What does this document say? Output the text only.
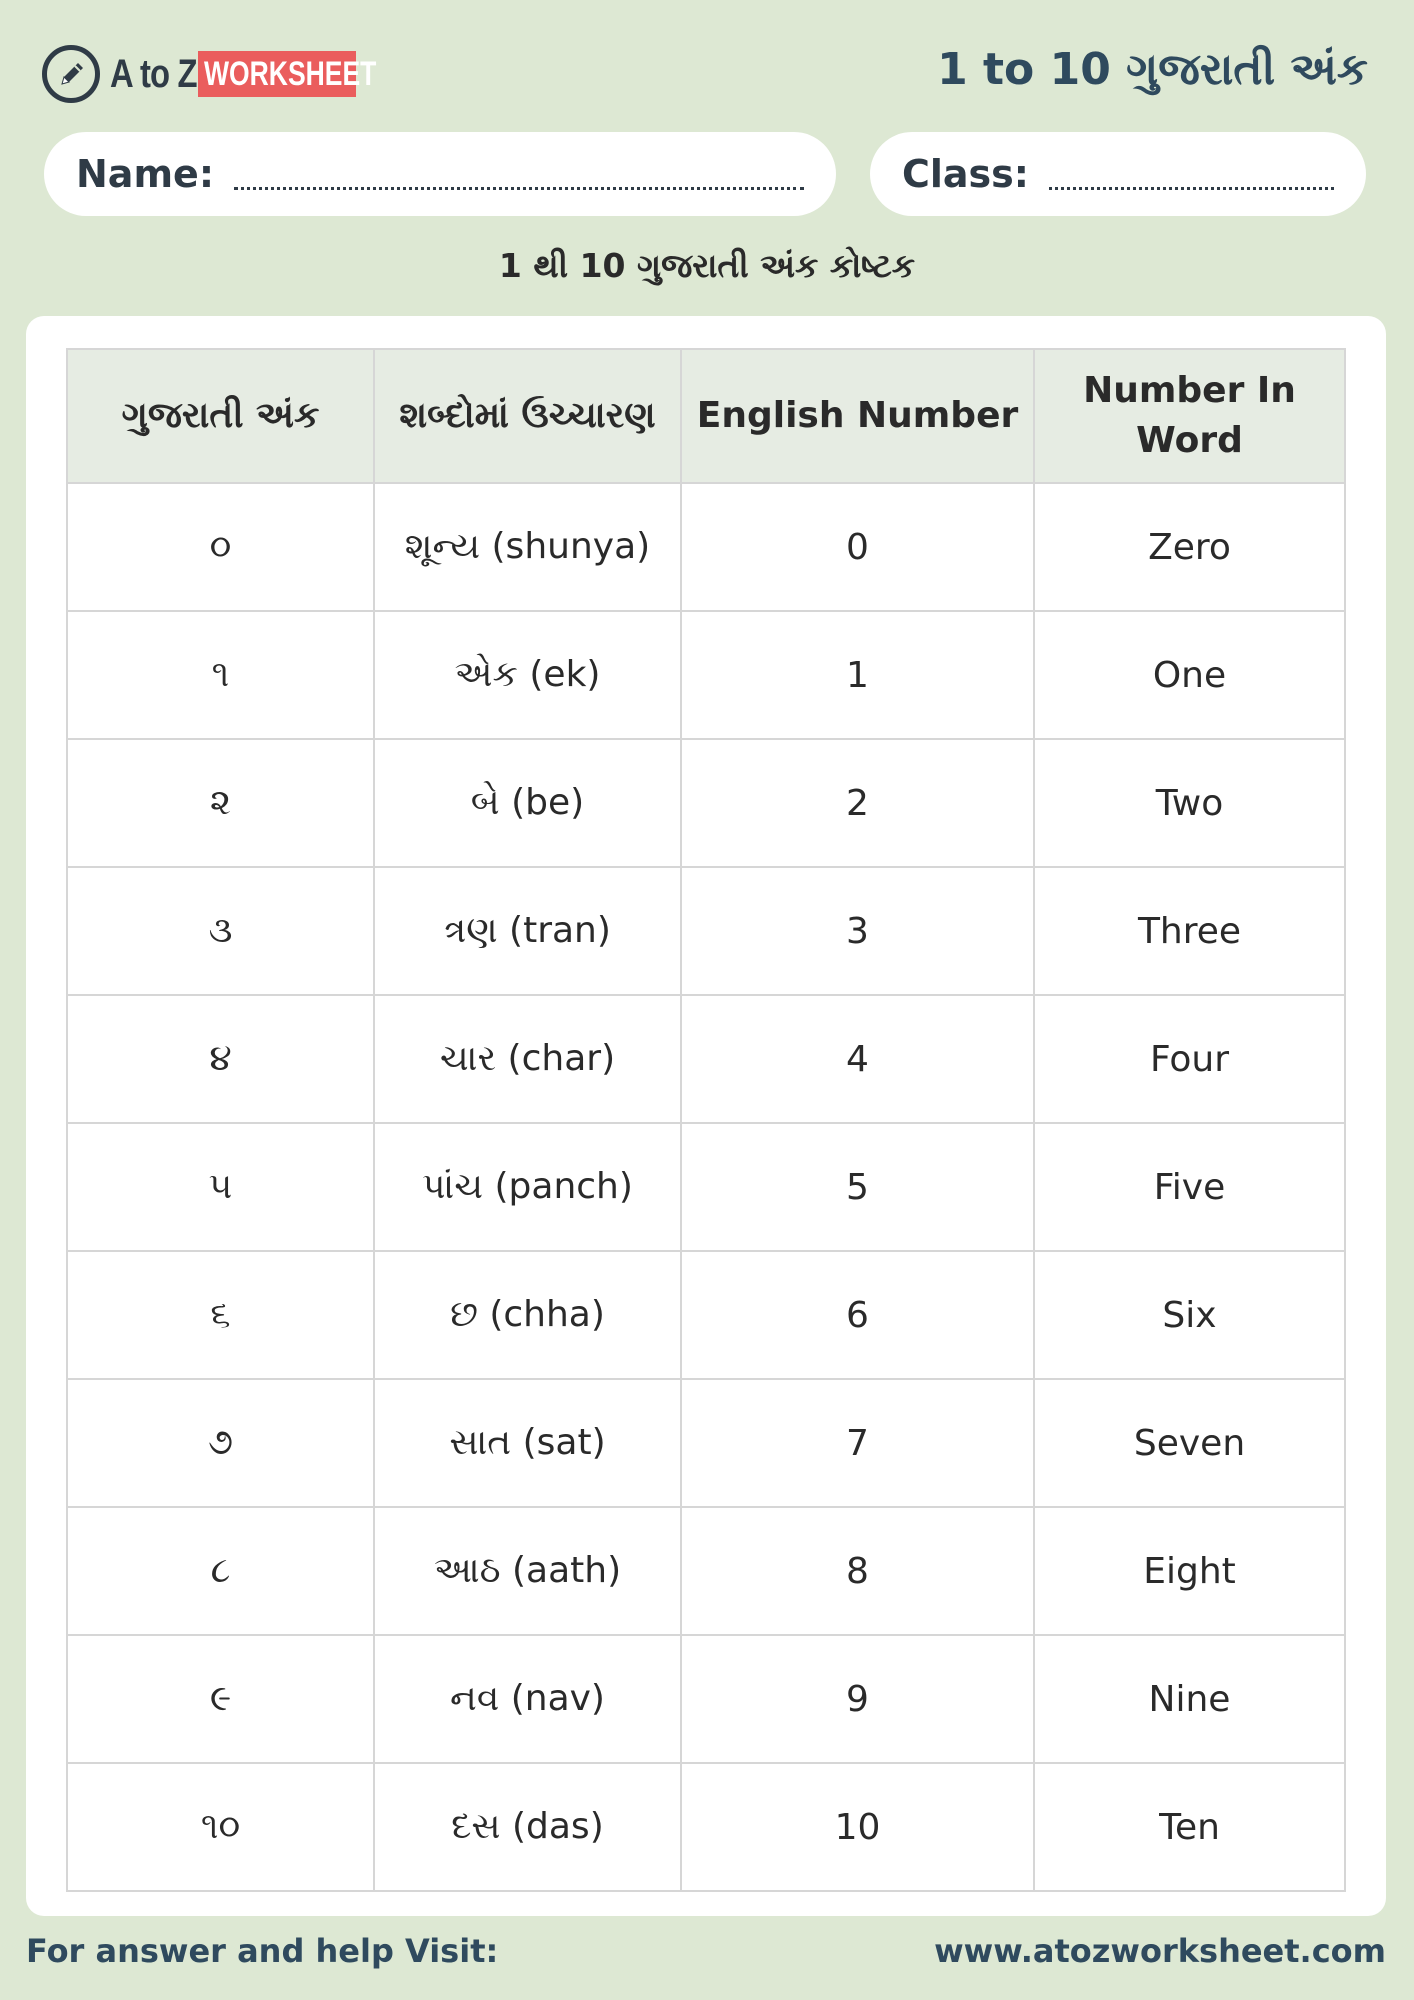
A to Z WORKSHEET	1 to 10 ગુજરાતી અંક
Name:	Class:
1 થી 10 ગુજરાતી અંક કોષ્ટક
ગુજરાતી અંક	શબ્દોમાં ઉચ્ચારણ	English Number	Number In Word
૦	શૂન્ય (shunya)	0	Zero
૧	એક (ek)	1	One
૨	બે (be)	2	Two
૩	ત્રણ (tran)	3	Three
૪	ચાર (char)	4	Four
૫	પાંચ (panch)	5	Five
૬	છ (chha)	6	Six
૭	સાત (sat)	7	Seven
૮	આઠ (aath)	8	Eight
૯	નવ (nav)	9	Nine
૧૦	દસ (das)	10	Ten
For answer and help Visit:	www.atozworksheet.com
